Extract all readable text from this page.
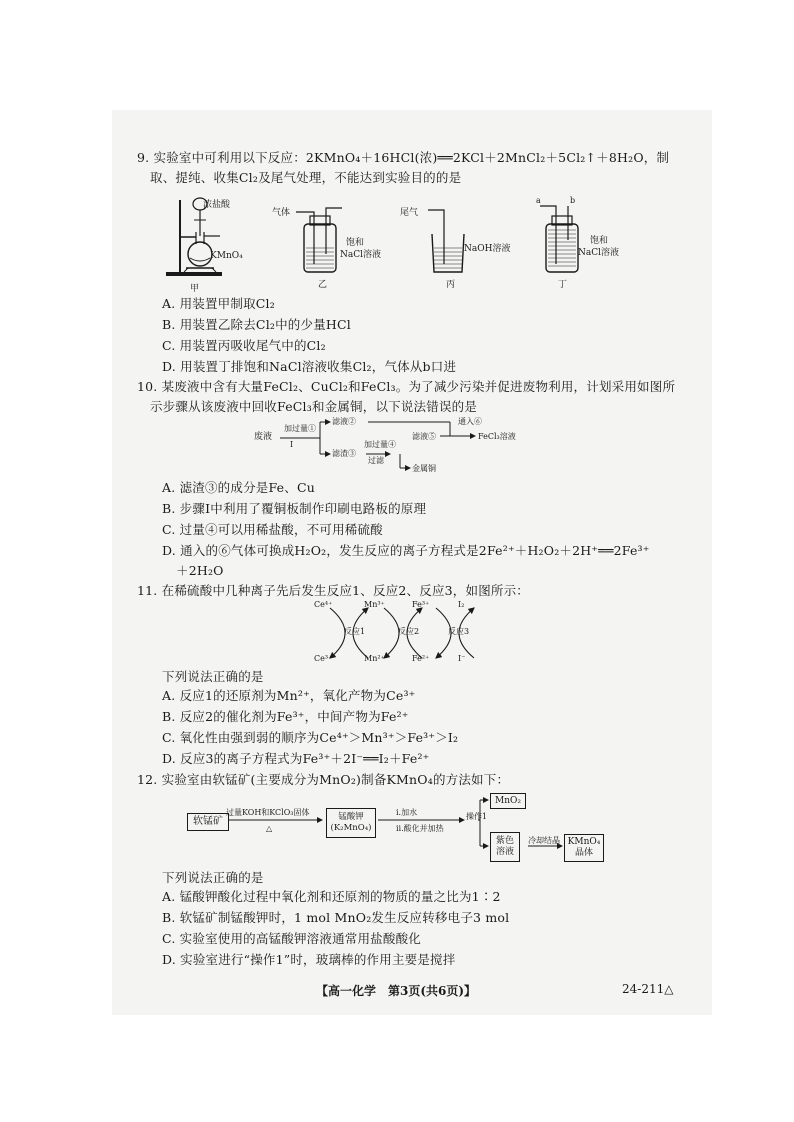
9. 实验室中可利用以下反应：2KMnO₄＋16HCl(浓)══2KCl＋2MnCl₂＋5Cl₂↑＋8H₂O，制
取、提纯、收集Cl₂及尾气处理，不能达到实验目的的是
浓盐酸
KMnO₄
甲
气体
饱和
NaCl溶液
乙
尾气
NaOH溶液
丙
a	b
饱和
NaCl溶液
丁
A. 用装置甲制取Cl₂
B. 用装置乙除去Cl₂中的少量HCl
C. 用装置丙吸收尾气中的Cl₂
D. 用装置丁排饱和NaCl溶液收集Cl₂，气体从b口进
10. 某废液中含有大量FeCl₂、CuCl₂和FeCl₃。为了减少污染并促进废物利用，计划采用如图所
示步骤从该废液中回收FeCl₃和金属铜，以下说法错误的是
废液
加过量①
I
滤液②
滤渣③
加过量④
过滤
滤液⑤
通入⑥
FeCl₃溶液
金属铜
A. 滤渣③的成分是Fe、Cu
B. 步骤Ⅰ中利用了覆铜板制作印刷电路板的原理
C. 过量④可以用稀盐酸，不可用稀硫酸
D. 通入的⑥气体可换成H₂O₂，发生反应的离子方程式是2Fe²⁺＋H₂O₂＋2H⁺══2Fe³⁺
＋2H₂O
11. 在稀硫酸中几种离子先后发生反应1、反应2、反应3，如图所示：
Ce⁴⁺
Ce³⁺
Mn³⁺
Mn²⁺
Fe³⁺
Fe²⁺
I₂
I⁻
反应1	反应2	反应3
下列说法正确的是
A. 反应1的还原剂为Mn²⁺，氧化产物为Ce³⁺
B. 反应2的催化剂为Fe³⁺，中间产物为Fe²⁺
C. 氧化性由强到弱的顺序为Ce⁴⁺＞Mn³⁺＞Fe³⁺＞I₂
D. 反应3的离子方程式为Fe³⁺＋2I⁻══I₂＋Fe²⁺
12. 实验室由软锰矿(主要成分为MnO₂)制备KMnO₄的方法如下：
软锰矿
过量KOH和KClO₃固体
△
锰酸钾
(K₂MnO₄)
ⅰ.加水
ⅱ.酸化并加热
操作1
MnO₂
紫色
溶液
冷却结晶 KMnO₄
晶体
下列说法正确的是
A. 锰酸钾酸化过程中氧化剂和还原剂的物质的量之比为1∶2
B. 软锰矿制锰酸钾时，1 mol MnO₂发生反应转移电子3 mol
C. 实验室使用的高锰酸钾溶液通常用盐酸酸化
D. 实验室进行“操作1”时，玻璃棒的作用主要是搅拌
【高一化学　第3页(共6页)】	24-211△
